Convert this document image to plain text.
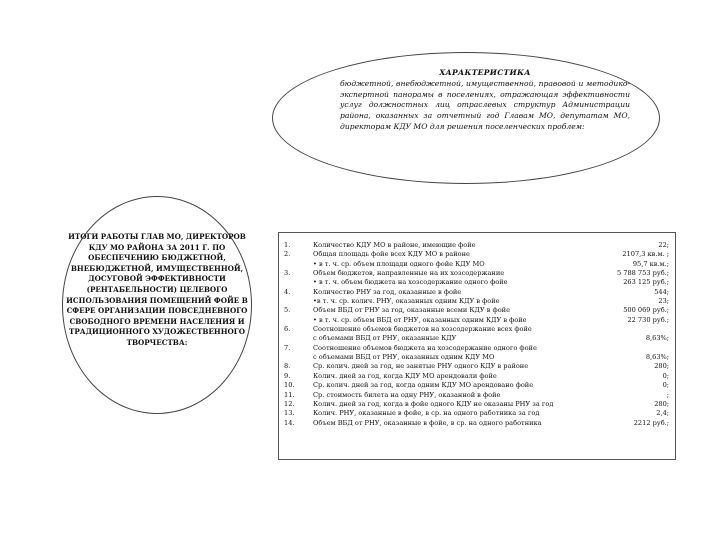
ХАРАКТЕРИСТИКА
бюджетной, внебюджетной, имущественной, правовой и методико-экспертной панорамы в поселениях, отражающая эффективности услуг должностных лиц отраслевых структур Администрации района, оказанных за отчетный год Главам МО, депутатам МО, директорам КДУ МО для решения поселенческих проблем:
ИТОГИ РАБОТЫ ГЛАВ МО, ДИРЕКТОРОВ КДУ МО РАЙОНА ЗА 2011 Г. ПО ОБЕСПЕЧЕНИЮ БЮДЖЕТНОЙ, ВНЕБЮДЖЕТНОЙ, ИМУЩЕСТВЕННОЙ, ДОСУГОВОЙ ЭФФЕКТИВНОСТИ (РЕНТАБЕЛЬНОСТИ) ЦЕЛЕВОГО ИСПОЛЬЗОВАНИЯ ПОМЕЩЕНИЙ ФОЙЕ В СФЕРЕ ОРГАНИЗАЦИИ ПОВСЕДНЕВНОГО СВОБОДНОГО ВРЕМЕНИ НАСЕЛЕНИЯ И ТРАДИЦИОННОГО ХУДОЖЕСТВЕННОГО ТВОРЧЕСТВА:
1.	Количество КДУ МО в районе, имеющие фойе	22;
2.	Общая площадь фойе всех КДУ МО в районе	2107,3 кв.м. ;
• в т. ч. ср. объем площади одного фойе КДУ МО	95,7 кв.м.;
3.	Объем бюджетов, направленные на их хозсодержание	5 788 753 руб.;
• в т. ч. объем бюджета на хозсодержание одного фойе	263 125 руб.;
4.	Количество РНУ за год, оказанные в фойе	544;
•в т. ч. ср. колич. РНУ, оказанных одним КДУ в фойе	23;
5.	Объем ВБД от РНУ за год, оказанные всеми КДУ в фойе	500 069 руб.;
• в т. ч. ср. объем ВБД от РНУ, оказанных одним КДУ в фойе	22 730 руб.;
6.	Соотношение объемов бюджетов на хозсодержание всех фойе
с объемами ВБД от РНУ, оказанные КДУ	8,63%;
7.	Соотношение объемов бюджета на хозсодержание одного фойе
с объемами ВБД от РНУ, оказанных одним КДУ МО	8,63%;
8.	Ср. колич. дней за год, не занятые РНУ одного КДУ в районе	280;
9.	Колич. дней за год, когда КДУ МО арендовали фойе	0;
10.	Ср. колич. дней за год, когда одним КДУ МО арендовано фойе	0;
11.	Ср. стоимость билета на одну РНУ, оказанной в фойе	;
12.	Колич. дней за год, когда в фойе одного КДУ не оказаны РНУ за год	280;
13.	Колич. РНУ, оказанные в фойе, в ср. на одного работника за год	2,4;
14.	Объем ВБД от РНУ, оказанные в фойе, в ср. на одного работника	2212 руб.;
